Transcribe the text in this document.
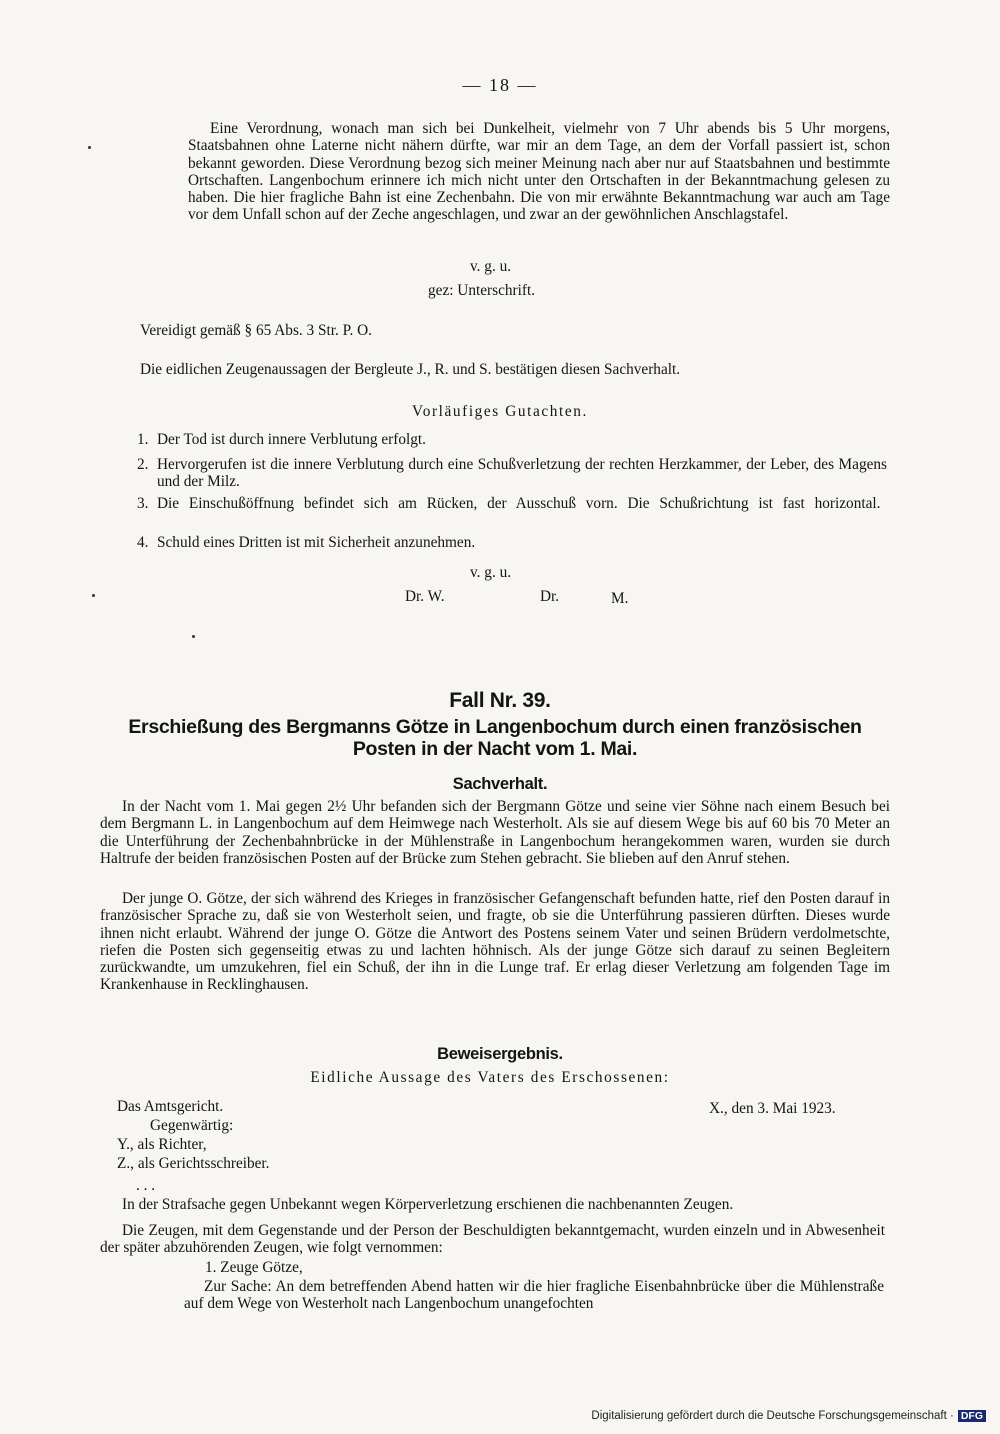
— 18 —

Eine Verordnung, wonach man sich bei Dunkelheit, vielmehr von 7 Uhr abends bis 5 Uhr morgens, Staatsbahnen ohne Laterne nicht nähern dürfte, war mir an dem Tage, an dem der Vorfall passiert ist, schon bekannt geworden. Diese Verordnung bezog sich meiner Meinung nach aber nur auf Staatsbahnen und bestimmte Ortschaften. Langenbochum erinnere ich mich nicht unter den Ortschaften in der Bekanntmachung gelesen zu haben. Die hier fragliche Bahn ist eine Zechenbahn. Die von mir erwähnte Bekanntmachung war auch am Tage vor dem Unfall schon auf der Zeche angeschlagen, und zwar an der gewöhnlichen Anschlagstafel.

v. g. u.
gez: Unterschrift.

Vereidigt gemäß § 65 Abs. 3 Str. P. O.

Die eidlichen Zeugenaussagen der Bergleute J., R. und S. bestätigen diesen Sachverhalt.

Vorläufiges Gutachten.
1. Der Tod ist durch innere Verblutung erfolgt.
2. Hervorgerufen ist die innere Verblutung durch eine Schußverletzung der rechten Herzkammer, der Leber, des Magens und der Milz.
3. Die Einschußöffnung befindet sich am Rücken, der Ausschuß vorn. Die Schußrichtung ist fast horizontal.
4. Schuld eines Dritten ist mit Sicherheit anzunehmen.
v. g. u.
Dr. W.	Dr.	M.
Fall Nr. 39.
Erschießung des Bergmanns Götze in Langenbochum durch einen französischen Posten in der Nacht vom 1. Mai.
Sachverhalt.

In der Nacht vom 1. Mai gegen 2½ Uhr befanden sich der Bergmann Götze und seine vier Söhne nach einem Besuch bei dem Bergmann L. in Langenbochum auf dem Heimwege nach Westerholt. Als sie auf diesem Wege bis auf 60 bis 70 Meter an die Unterführung der Zechenbahnbrücke in der Mühlenstraße in Langenbochum herangekommen waren, wurden sie durch Haltrufe der beiden französischen Posten auf der Brücke zum Stehen gebracht. Sie blieben auf den Anruf stehen.

Der junge O. Götze, der sich während des Krieges in französischer Gefangenschaft befunden hatte, rief den Posten darauf in französischer Sprache zu, daß sie von Westerholt seien, und fragte, ob sie die Unterführung passieren dürften. Dieses wurde ihnen nicht erlaubt. Während der junge O. Götze die Antwort des Postens seinem Vater und seinen Brüdern verdolmetschte, riefen die Posten sich gegenseitig etwas zu und lachten höhnisch. Als der junge Götze sich darauf zu seinen Begleitern zurückwandte, um umzukehren, fiel ein Schuß, der ihn in die Lunge traf. Er erlag dieser Verletzung am folgenden Tage im Krankenhause in Recklinghausen.

Beweisergebnis.
Eidliche Aussage des Vaters des Erschossenen:
Das Amtsgericht.	X., den 3. Mai 1923.
Gegenwärtig:
Y., als Richter,
Z., als Gerichtsschreiber.
. . .

In der Strafsache gegen Unbekannt wegen Körperverletzung erschienen die nachbenannten Zeugen.

Die Zeugen, mit dem Gegenstande und der Person der Beschuldigten bekanntgemacht, wurden einzeln und in Abwesenheit der später abzuhörenden Zeugen, wie folgt vernommen:

1. Zeuge Götze,

Zur Sache: An dem betreffenden Abend hatten wir die hier fragliche Eisenbahnbrücke über die Mühlenstraße auf dem Wege von Westerholt nach Langenbochum unangefochten

Digitalisierung gefördert durch die Deutsche Forschungsgemeinschaft · DFG
